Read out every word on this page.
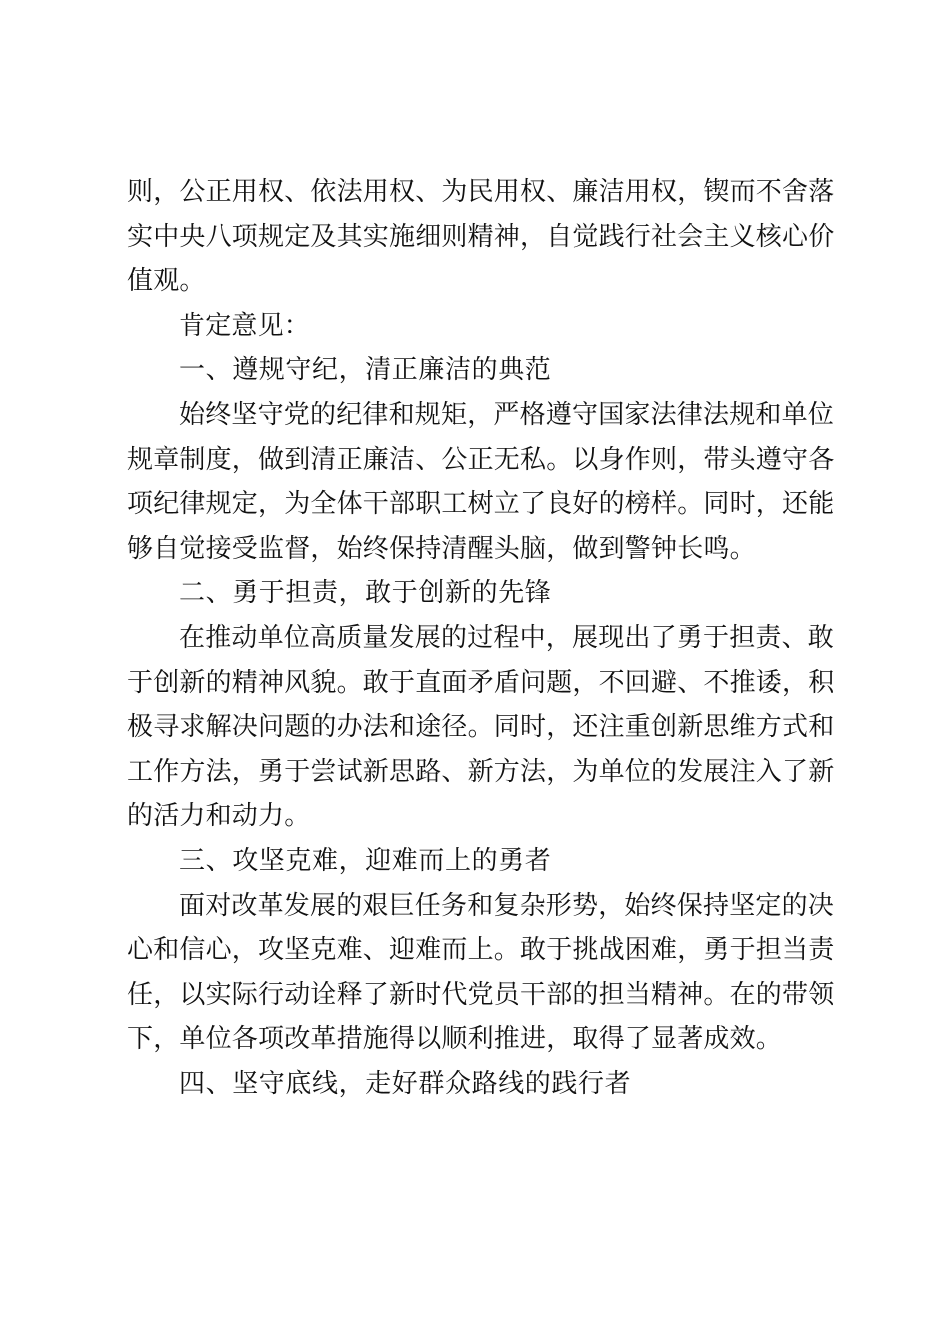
则，公正用权、依法用权、为民用权、廉洁用权，锲而不舍落
实中央八项规定及其实施细则精神，自觉践行社会主义核心价
值观。
肯定意见：
一、遵规守纪，清正廉洁的典范
始终坚守党的纪律和规矩，严格遵守国家法律法规和单位
规章制度，做到清正廉洁、公正无私。以身作则，带头遵守各
项纪律规定，为全体干部职工树立了良好的榜样。同时，还能
够自觉接受监督，始终保持清醒头脑，做到警钟长鸣。
二、勇于担责，敢于创新的先锋
在推动单位高质量发展的过程中，展现出了勇于担责、敢
于创新的精神风貌。敢于直面矛盾问题，不回避、不推诿，积
极寻求解决问题的办法和途径。同时，还注重创新思维方式和
工作方法，勇于尝试新思路、新方法，为单位的发展注入了新
的活力和动力。
三、攻坚克难，迎难而上的勇者
面对改革发展的艰巨任务和复杂形势，始终保持坚定的决
心和信心，攻坚克难、迎难而上。敢于挑战困难，勇于担当责
任，以实际行动诠释了新时代党员干部的担当精神。在的带领
下，单位各项改革措施得以顺利推进，取得了显著成效。
四、坚守底线，走好群众路线的践行者
